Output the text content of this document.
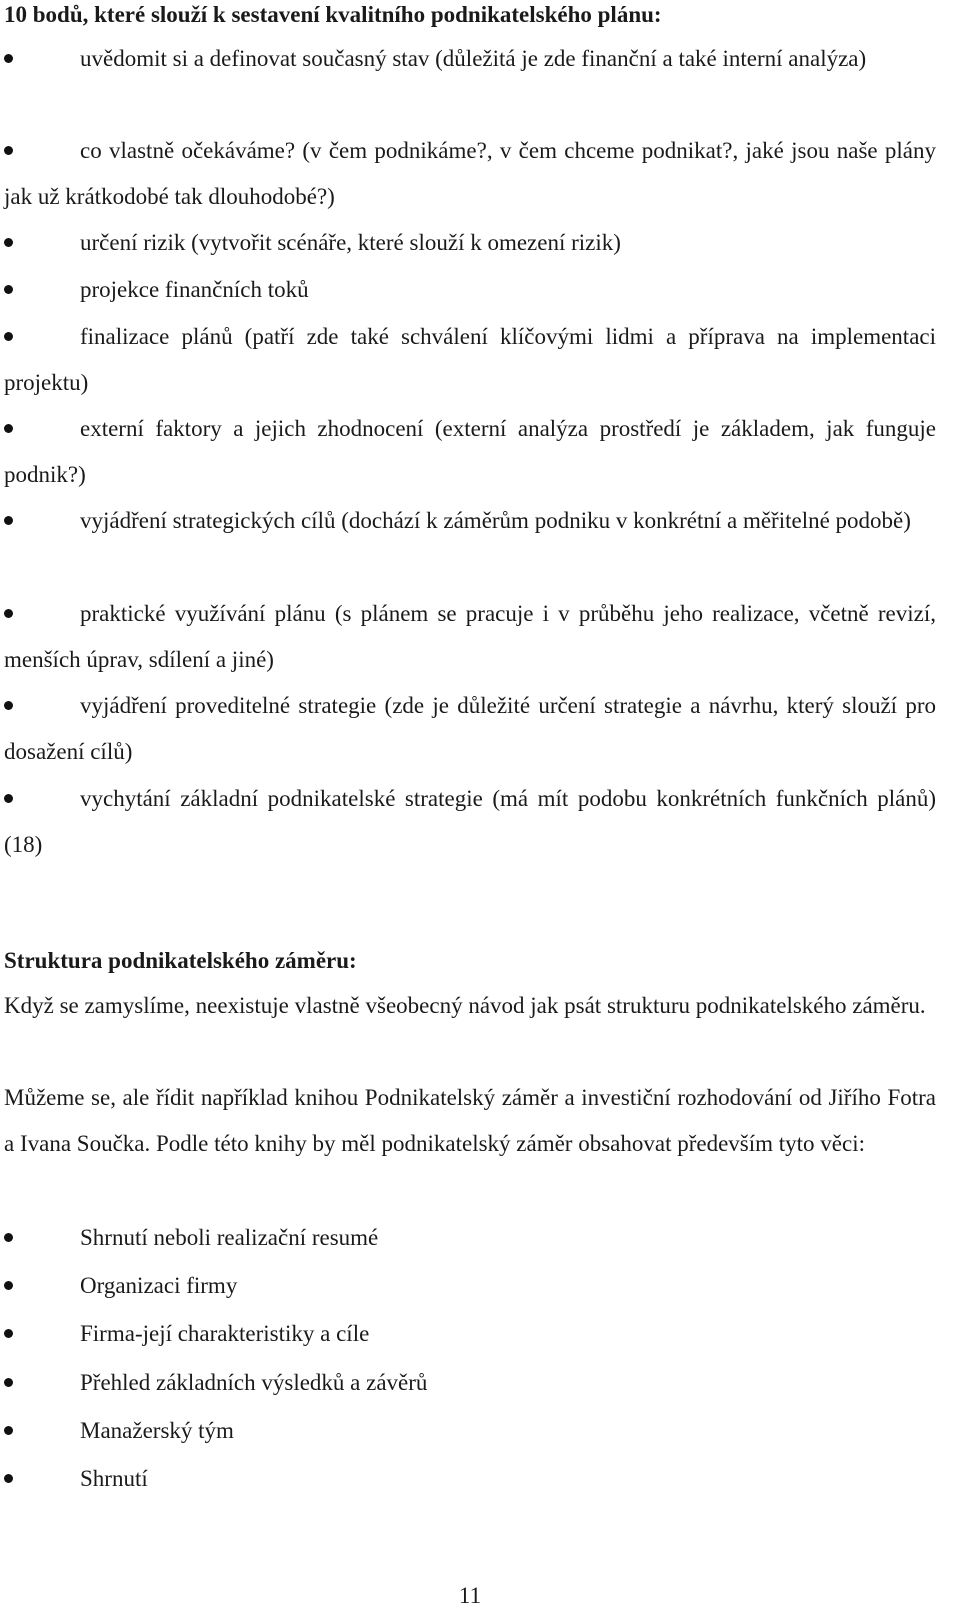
10 bodů, které slouží k sestavení kvalitního podnikatelského plánu:
uvědomit si a definovat současný stav (důležitá je zde finanční a také interní analýza)
co vlastně očekáváme? (v čem podnikáme?, v čem chceme podnikat?, jaké jsou naše plány jak už krátkodobé tak dlouhodobé?)
určení rizik (vytvořit scénáře, které slouží k omezení rizik)
projekce finančních toků
finalizace plánů (patří zde také schválení klíčovými lidmi a příprava na implementaci projektu)
externí faktory a jejich zhodnocení (externí analýza prostředí je základem, jak funguje podnik?)
vyjádření strategických cílů (dochází k záměrům podniku v konkrétní a měřitelné podobě)
praktické využívání plánu (s plánem se pracuje i v průběhu jeho realizace, včetně revizí, menších úprav, sdílení a jiné)
vyjádření proveditelné strategie (zde je důležité určení strategie a návrhu, který slouží pro dosažení cílů)
vychytání základní podnikatelské strategie (má mít podobu konkrétních funkčních plánů) (18)
Struktura podnikatelského záměru:
Když se zamyslíme, neexistuje vlastně všeobecný návod jak psát strukturu podnikatelského záměru.
Můžeme se, ale řídit například knihou Podnikatelský záměr a investiční rozhodování od Jiřího Fotra a Ivana Součka. Podle této knihy by měl podnikatelský záměr obsahovat především tyto věci:
Shrnutí neboli realizační resumé
Organizaci firmy
Firma-její charakteristiky a cíle
Přehled základních výsledků a závěrů
Manažerský tým
Shrnutí
11
